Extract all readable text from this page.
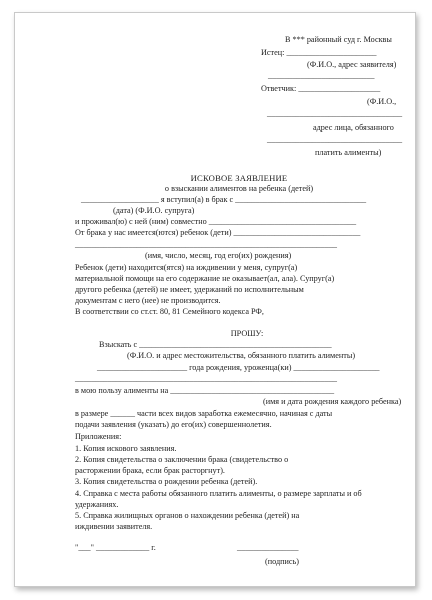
В *** районный суд г. Москвы
Истец: ______________________
(Ф.И.О., адрес заявителя)
__________________________
Ответчик: ____________________
(Ф.И.О.,
_________________________________
адрес лица, обязанного
_________________________________
платить алименты)
ИСКОВОЕ ЗАЯВЛЕНИЕ
о взыскании алиментов на ребенка (детей)
___________________ я вступил(а) в брак с ________________________________
(дата) (Ф.И.О. супруга)
и проживал(ю) с ней (ним) совместно ____________________________________
От брака у нас имеется(ются) ребенок (дети) _______________________________
________________________________________________________________
(имя, число, месяц, год его(их) рождения)
Ребенок (дети) находится(ятся) на иждивении у меня, супруг(а)
материальной помощи на его содержание не оказывает(ал, ала). Супруг(а)
другого ребенка (детей) не имеет, удержаний по исполнительным
документам с него (нее) не производится.
В соответствии со ст.ст. 80, 81 Семейного кодекса РФ,
ПРОШУ:
Взыскать с _______________________________________________
(Ф.И.О. и адрес местожительства, обязанного платить алименты)
______________________ года рождения, уроженца(ки) _____________________
________________________________________________________________
в мою пользу алименты на ________________________________________
(имя и дата рождения каждого ребенка)
в размере ______ части всех видов заработка ежемесячно, начиная с даты
подачи заявления (указать) до его(их) совершеннолетия.
Приложения:
1. Копия искового заявления.
2. Копия свидетельства о заключении брака (свидетельство о
расторжении брака, если брак расторгнут).
3. Копия свидетельства о рождении ребенка (детей).
4. Справка с места работы обязанного платить алименты, о размере зарплаты и об
удержаниях.
5. Справка жилищных органов о нахождении ребенка (детей) на
иждивении заявителя.
"___" _____________ г.	_______________
(подпись)
